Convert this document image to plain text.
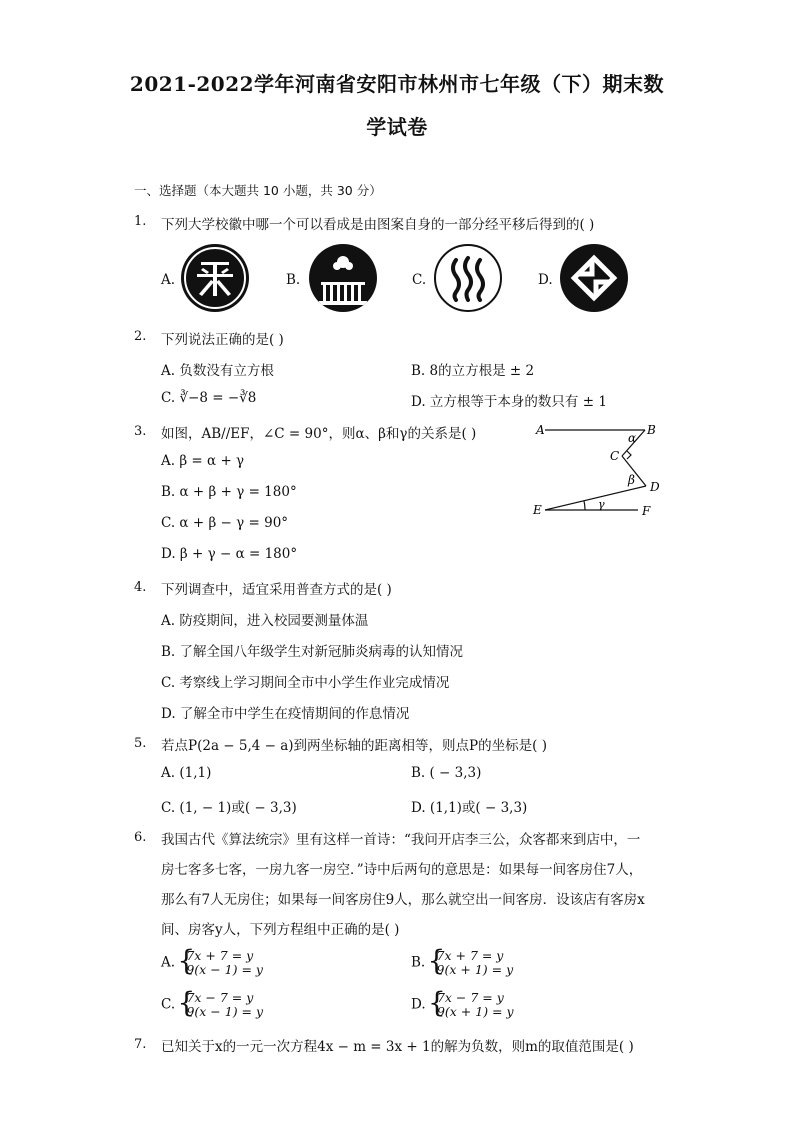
2021-2022学年河南省安阳市林州市七年级（下）期末数
学试卷
一、选择题（本大题共 10 小题，共 30 分）
1. 下列大学校徽中哪一个可以看成是由图案自身的一部分经平移后得到的( )
A.	B.	C.	D.
2. 下列说法正确的是( )
A. 负数没有立方根	B. 8的立方根是 ± 2
C. ∛−8 = −∛8	D. 立方根等于本身的数只有 ± 1
3. 如图，AB//EF，∠C = 90°，则α、β和γ的关系是( )
A. β = α + γ
B. α + β + γ = 180°
C. α + β − γ = 90°
D. β + γ − α = 180°
A	B
C
D
E	F
α
β
γ
4. 下列调查中，适宜采用普查方式的是( )
A. 防疫期间，进入校园要测量体温
B. 了解全国八年级学生对新冠肺炎病毒的认知情况
C. 考察线上学习期间全市中小学生作业完成情况
D. 了解全市中学生在疫情期间的作息情况
5. 若点P(2a − 5,4 − a)到两坐标轴的距离相等，则点P的坐标是( )
A. (1,1)	B. ( − 3,3)
C. (1, − 1)或( − 3,3)	D. (1,1)或( − 3,3)
6. 我国古代《算法统宗》里有这样一首诗：“我问开店李三公，众客都来到店中，一
房七客多七客，一房九客一房空．”诗中后两句的意思是：如果每一间客房住7人，
那么有7人无房住；如果每一间客房住9人，那么就空出一间客房．设该店有客房x
间、房客y人，下列方程组中正确的是( )
A. { 7x + 7 = y
9(x − 1) = y	B. { 7x + 7 = y
9(x + 1) = y
C. { 7x − 7 = y
9(x − 1) = y	D. { 7x − 7 = y
9(x + 1) = y
7. 已知关于x的一元一次方程4x − m = 3x + 1的解为负数，则m的取值范围是( )
